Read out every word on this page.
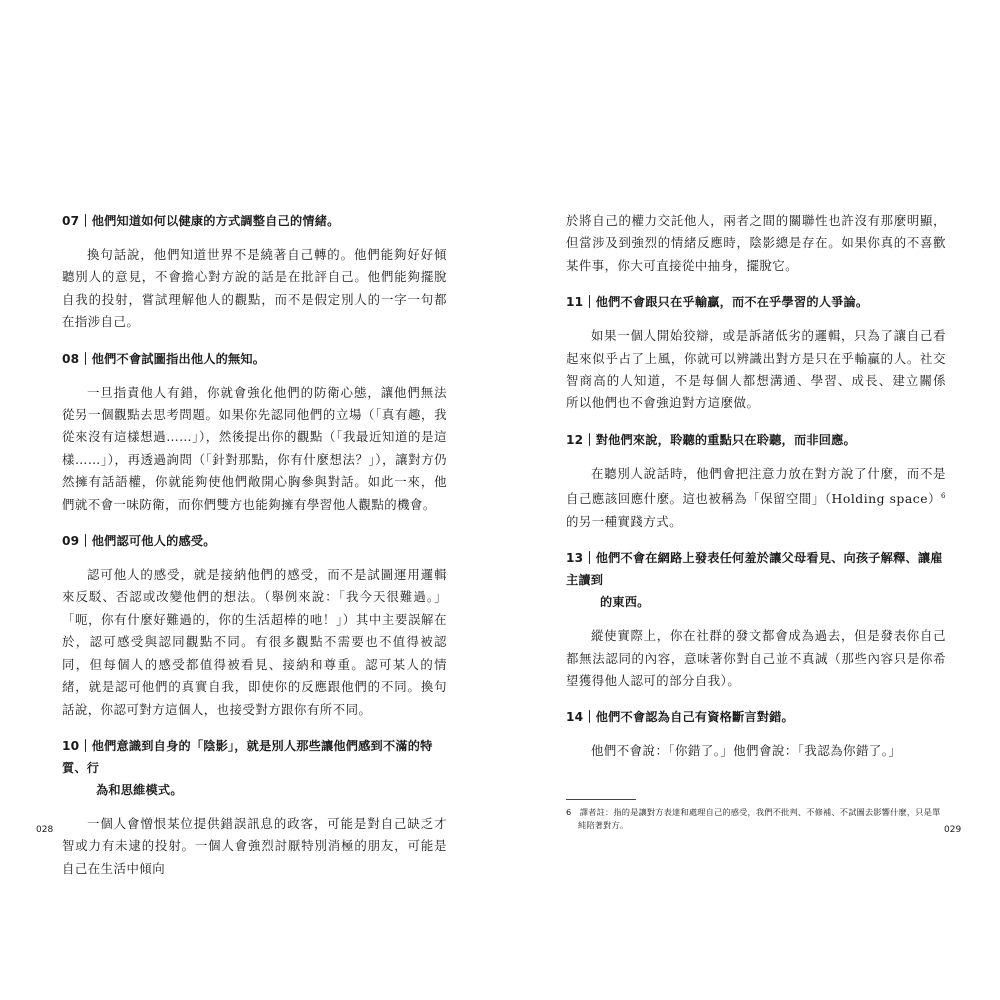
07｜他們知道如何以健康的方式調整自己的情緒。

換句話說，他們知道世界不是繞著自己轉的。他們能夠好好傾聽別人的意見，不會擔心對方說的話是在批評自己。他們能夠擺脫自我的投射，嘗試理解他人的觀點，而不是假定別人的一字一句都在指涉自己。

08｜他們不會試圖指出他人的無知。

一旦指責他人有錯，你就會強化他們的防衛心態，讓他們無法從另一個觀點去思考問題。如果你先認同他們的立場（「真有趣，我從來沒有這樣想過……」），然後提出你的觀點（「我最近知道的是這樣……」），再透過詢問（「針對那點，你有什麼想法？」），讓對方仍然擁有話語權，你就能夠使他們敞開心胸參與對話。如此一來，他們就不會一味防衛，而你們雙方也能夠擁有學習他人觀點的機會。

09｜他們認可他人的感受。

認可他人的感受，就是接納他們的感受，而不是試圖運用邏輯來反駁、否認或改變他們的想法。（舉例來說：「我今天很難過。」「呃，你有什麼好難過的，你的生活超棒的吔！」）其中主要誤解在於，認可感受與認同觀點不同。有很多觀點不需要也不值得被認同，但每個人的感受都值得被看見、接納和尊重。認可某人的情緒，就是認可他們的真實自我，即使你的反應跟他們的不同。換句話說，你認可對方這個人，也接受對方跟你有所不同。

10｜他們意識到自身的「陰影」，就是別人那些讓他們感到不滿的特質、行
為和思維模式。

一個人會憎恨某位提供錯誤訊息的政客，可能是對自己缺乏才智或力有未逮的投射。一個人會強烈討厭特別消極的朋友，可能是自己在生活中傾向

028

於將自己的權力交託他人，兩者之間的關聯性也許沒有那麼明顯，但當涉及到強烈的情緒反應時，陰影總是存在。如果你真的不喜歡某件事，你大可直接從中抽身，擺脫它。

11｜他們不會跟只在乎輸贏，而不在乎學習的人爭論。

如果一個人開始狡辯，或是訴諸低劣的邏輯，只為了讓自己看起來似乎占了上風，你就可以辨識出對方是只在乎輸贏的人。社交智商高的人知道，不是每個人都想溝通、學習、成長、建立關係　　所以他們也不會強迫對方這麼做。

12｜對他們來說，聆聽的重點只在聆聽，而非回應。

在聽別人說話時，他們會把注意力放在對方說了什麼，而不是自己應該回應什麼。這也被稱為「保留空間」（Holding space）$^6$的另一種實踐方式。

13｜他們不會在網路上發表任何羞於讓父母看見、向孩子解釋、讓雇主讀到
的東西。

縱使實際上，你在社群的發文都會成為過去，但是發表你自己都無法認同的內容，意味著你對自己並不真誠（那些內容只是你希望獲得他人認可的部分自我）。

14｜他們不會認為自己有資格斷言對錯。

他們不會說：「你錯了。」他們會說：「我認為你錯了。」

6　譯者註：指的是讓對方表達和處理自己的感受，我們不批判、不修補、不試圖去影響什麼，只是單純陪著對方。

029
